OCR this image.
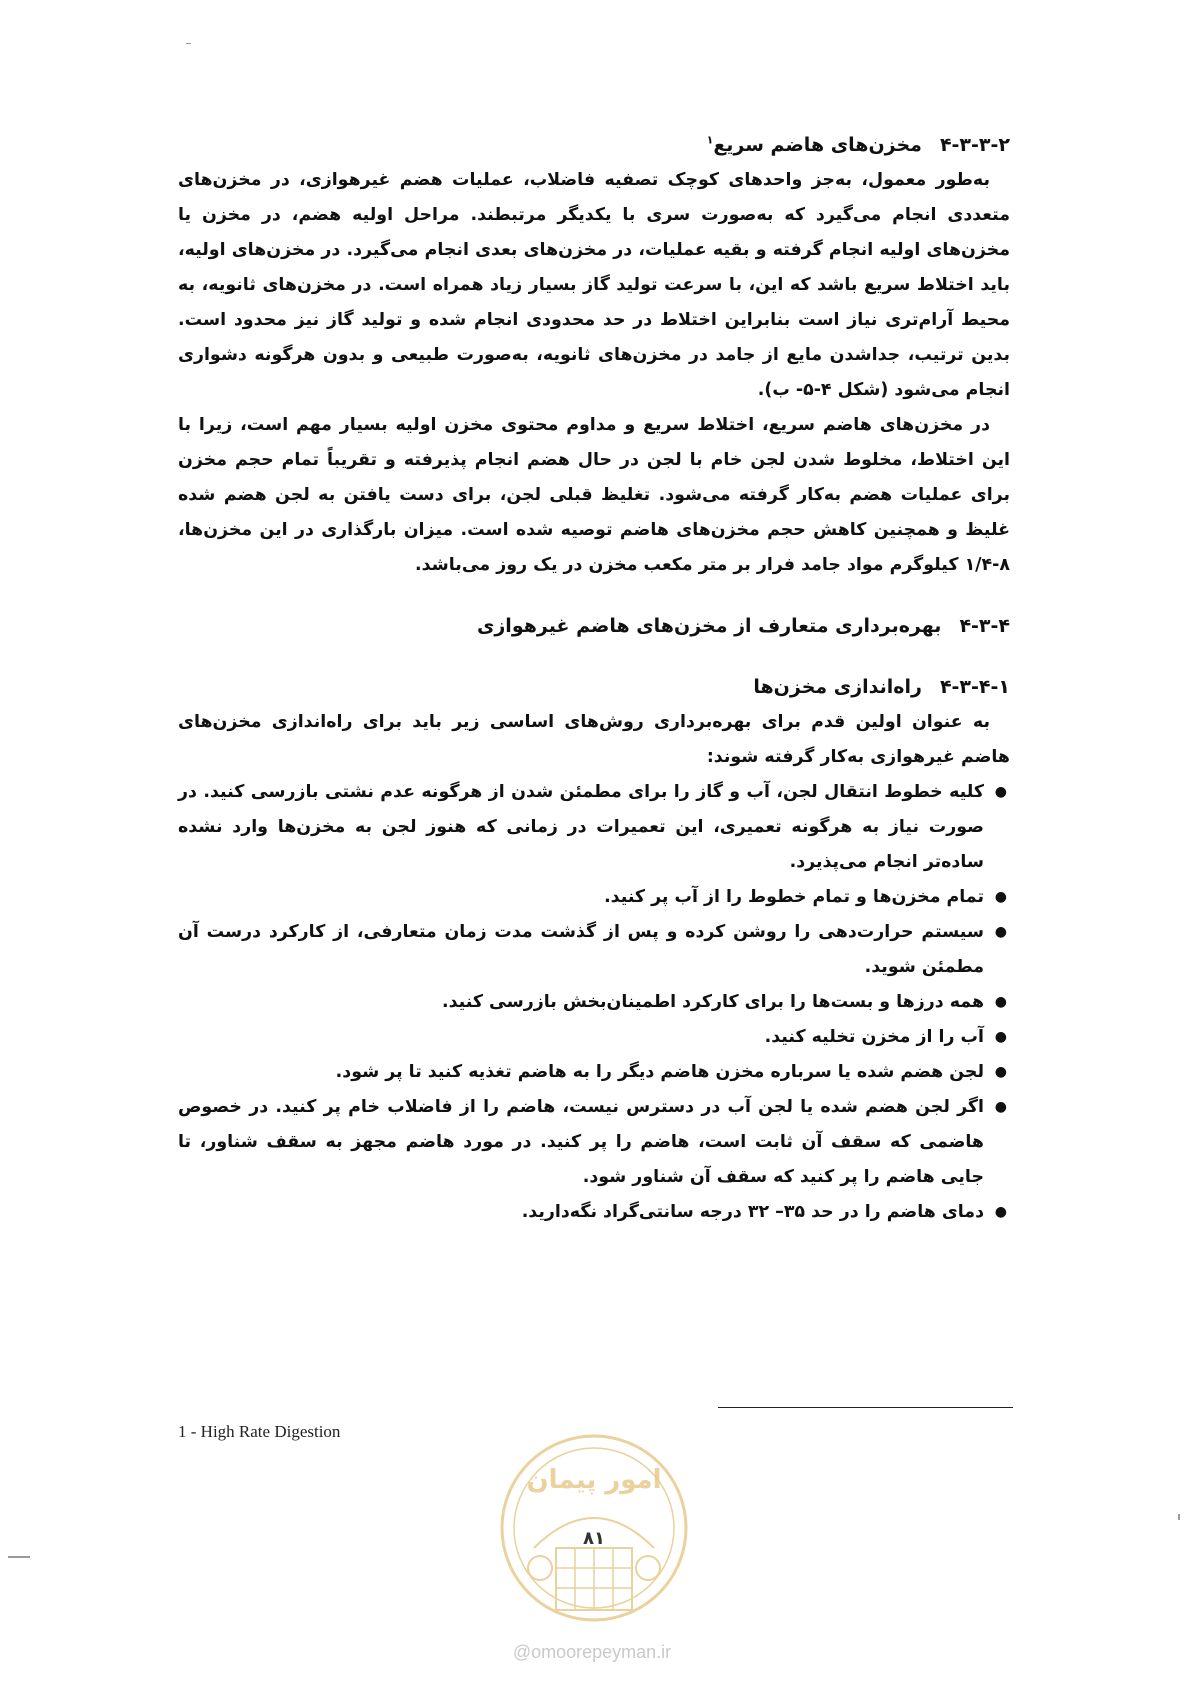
۴-۳-۳-۲مخزن‌های هاضم سریع$^۱$

به‌طور معمول، به‌جز واحدهای کوچک تصفیه فاضلاب، عملیات هضم غیرهوازی، در مخزن‌های متعددی انجام می‌گیرد که به‌صورت سری با یکدیگر مرتبطند. مراحل اولیه هضم، در مخزن یا مخزن‌های اولیه انجام گرفته و بقیه عملیات، در مخزن‌های بعدی انجام می‌گیرد. در مخزن‌های اولیه، باید اختلاط سریع باشد که این، با سرعت تولید گاز بسیار زیاد همراه است. در مخزن‌های ثانویه، به محیط آرام‌تری نیاز است بنابراین اختلاط در حد محدودی انجام شده و تولید گاز نیز محدود است. بدین ترتیب، جداشدن مایع از جامد در مخزن‌های ثانویه، به‌صورت طبیعی و بدون هرگونه دشواری انجام می‌شود (شکل ۴-۵- ب).

در مخزن‌های هاضم سریع، اختلاط سریع و مداوم محتوی مخزن اولیه بسیار مهم است، زیرا با این اختلاط، مخلوط شدن لجن خام با لجن در حال هضم انجام پذیرفته و تقریباً تمام حجم مخزن برای عملیات هضم به‌کار گرفته می‌شود. تغلیظ قبلی لجن، برای دست یافتن به لجن هضم شده غلیظ و همچنین کاهش حجم مخزن‌های هاضم توصیه شده است. میزان بارگذاری در این مخزن‌ها، ۸-۱/۴ کیلوگرم مواد جامد فرار بر متر مکعب مخزن در یک روز می‌باشد.

۴-۳-۴بهره‌برداری متعارف از مخزن‌های هاضم غیرهوازی
۴-۳-۴-۱راه‌اندازی مخزن‌ها

به عنوان اولین قدم برای بهره‌برداری روش‌های اساسی زیر باید برای راه‌اندازی مخزن‌های هاضم غیرهوازی به‌کار گرفته شوند:

●
کلیه خطوط انتقال لجن، آب و گاز را برای مطمئن شدن از هرگونه عدم نشتی بازرسی کنید. در صورت نیاز به هرگونه تعمیری، این تعمیرات در زمانی که هنوز لجن به مخزن‌ها وارد نشده ساده‌تر انجام می‌پذیرد.
●
تمام مخزن‌ها و تمام خطوط را از آب پر کنید.
●
سیستم حرارت‌دهی را روشن کرده و پس از گذشت مدت زمان متعارفی، از کارکرد درست آن مطمئن شوید.
●
همه درزها و بست‌ها را برای کارکرد اطمینان‌بخش بازرسی کنید.
●
آب را از مخزن تخلیه کنید.
●
لجن هضم شده یا سرباره مخزن هاضم دیگر را به هاضم تغذیه کنید تا پر شود.
●
اگر لجن هضم شده یا لجن آب در دسترس نیست، هاضم را از فاضلاب خام پر کنید. در خصوص هاضمی که سقف آن ثابت است، هاضم را پر کنید. در مورد هاضم مجهز به سقف شناور، تا جایی هاضم را پر کنید که سقف آن شناور شود.
●
دمای هاضم را در حد ۳۵– ۳۲ درجه سانتی‌گراد نگه‌دارید.
1 - High Rate Digestion
امور پیمان
۸۱
@omoorepeyman.ir
